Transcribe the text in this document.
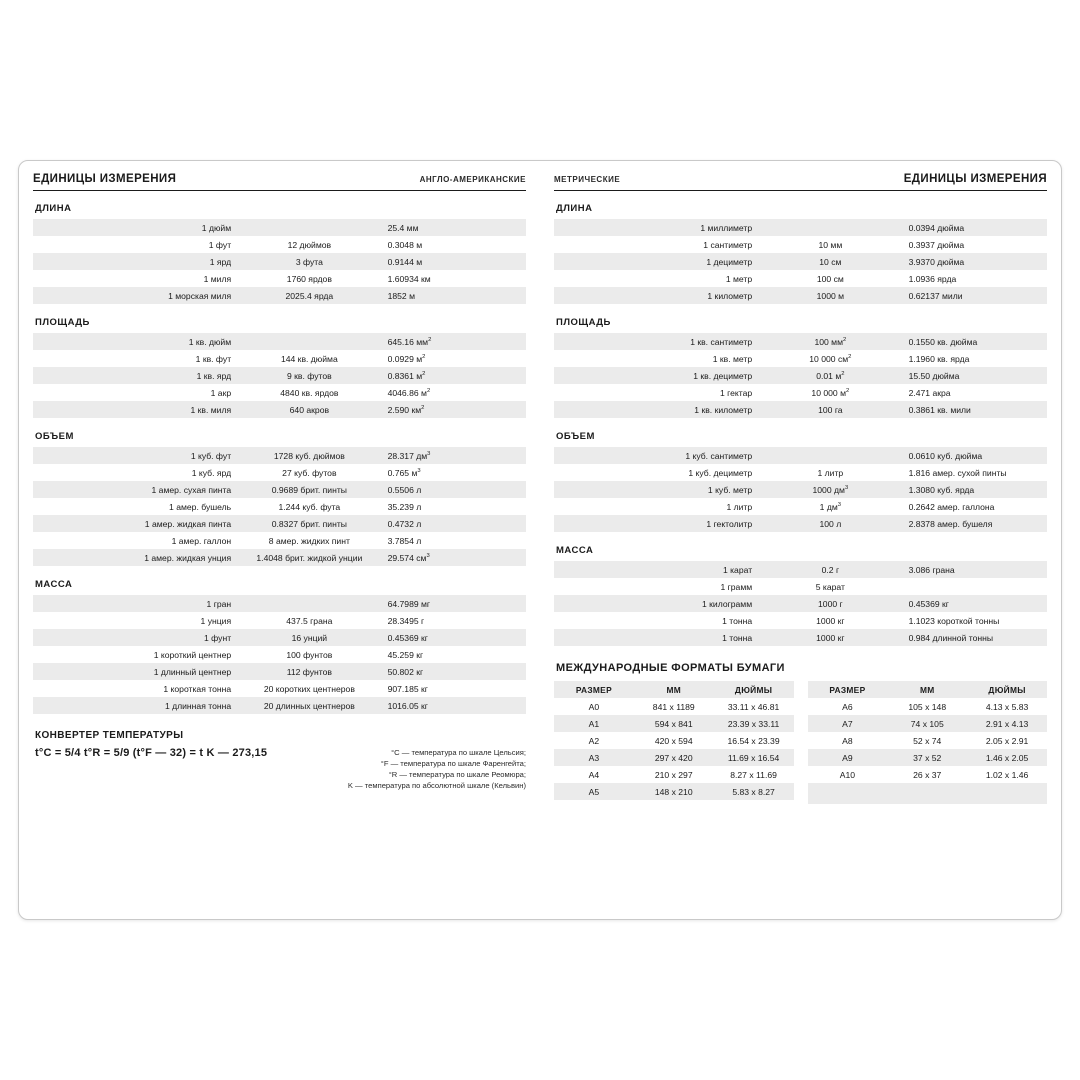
ЕДИНИЦЫ ИЗМЕРЕНИЯ	АНГЛО-АМЕРИКАНСКИЕ
ДЛИНА
1 дюйм		25.4 мм
1 фут	12 дюймов	0.3048 м
1 ярд	3 фута	0.9144 м
1 миля	1760 ярдов	1.60934 км
1 морская миля	2025.4 ярда	1852 м
ПЛОЩАДЬ
1 кв. дюйм		645.16 $мм^2$
1 кв. фут	144 кв. дюйма	0.0929 $м^2$
1 кв. ярд	9 кв. футов	0.8361 $м^2$
1 акр	4840 кв. ярдов	4046.86 $м^2$
1 кв. миля	640 акров	2.590 $км^2$
ОБЪЕМ
1 куб. фут	1728 куб. дюймов	28.317 $дм^3$
1 куб. ярд	27 куб. футов	0.765 $м^3$
1 амер. сухая пинта	0.9689 брит. пинты	0.5506 л
1 амер. бушель	1.244 куб. фута	35.239 л
1 амер. жидкая пинта	0.8327 брит. пинты	0.4732 л
1 амер. галлон	8 амер. жидких пинт	3.7854 л
1 амер. жидкая унция	1.4048 брит. жидкой унции	29.574 $см^3$
МАССА
1 гран		64.7989 мг
1 унция	437.5 грана	28.3495 г
1 фунт	16 унций	0.45369 кг
1 короткий центнер	100 фунтов	45.259 кг
1 длинный центнер	112 фунтов	50.802 кг
1 короткая тонна	20 коротких центнеров	907.185 кг
1 длинная тонна	20 длинных центнеров	1016.05 кг
КОНВЕРТЕР ТЕМПЕРАТУРЫ
t°C = 5/4 t°R = 5/9 (t°F — 32) = t K — 273,15	°C — температура по шкале Цельсия;
°F — температура по шкале Фаренгейта;
°R — температура по шкале Реомюра;
K — температура по абсолютной шкале (Кельвин)
МЕТРИЧЕСКИЕ	ЕДИНИЦЫ ИЗМЕРЕНИЯ
ДЛИНА
1 миллиметр		0.0394 дюйма
1 сантиметр	10 мм	0.3937 дюйма
1 дециметр	10 см	3.9370 дюйма
1 метр	100 см	1.0936 ярда
1 километр	1000 м	0.62137 мили
ПЛОЩАДЬ
1 кв. сантиметр	100 $мм^2$	0.1550 кв. дюйма
1 кв. метр	10 000 $см^2$	1.1960 кв. ярда
1 кв. дециметр	0.01 $м^2$	15.50 дюйма
1 гектар	10 000 $м^2$	2.471 акра
1 кв. километр	100 га	0.3861 кв. мили
ОБЪЕМ
1 куб. сантиметр		0.0610 куб. дюйма
1 куб. дециметр	1 литр	1.816 амер. сухой пинты
1 куб. метр	1000 $дм^3$	1.3080 куб. ярда
1 литр	1 $дм^3$	0.2642 амер. галлона
1 гектолитр	100 л	2.8378 амер. бушеля
МАССА
1 карат	0.2 г	3.086 грана
1 грамм	5 карат	
1 килограмм	1000 г	0.45369 кг
1 тонна	1000 кг	1.1023 короткой тонны
1 тонна	1000 кг	0.984 длинной тонны
МЕЖДУНАРОДНЫЕ ФОРМАТЫ БУМАГИ
РАЗМЕР	ММ	ДЮЙМЫ
A0	841 x 1189	33.11 x 46.81
A1	594 x 841	23.39 x 33.11
A2	420 x 594	16.54 x 23.39
A3	297 x 420	11.69 x 16.54
A4	210 x 297	8.27 x 11.69
A5	148 x 210	5.83 x 8.27
РАЗМЕР	ММ	ДЮЙМЫ
A6	105 x 148	4.13 x 5.83
A7	74 x 105	2.91 x 4.13
A8	52 x 74	2.05 x 2.91
A9	37 x 52	1.46 x 2.05
A10	26 x 37	1.02 x 1.46
